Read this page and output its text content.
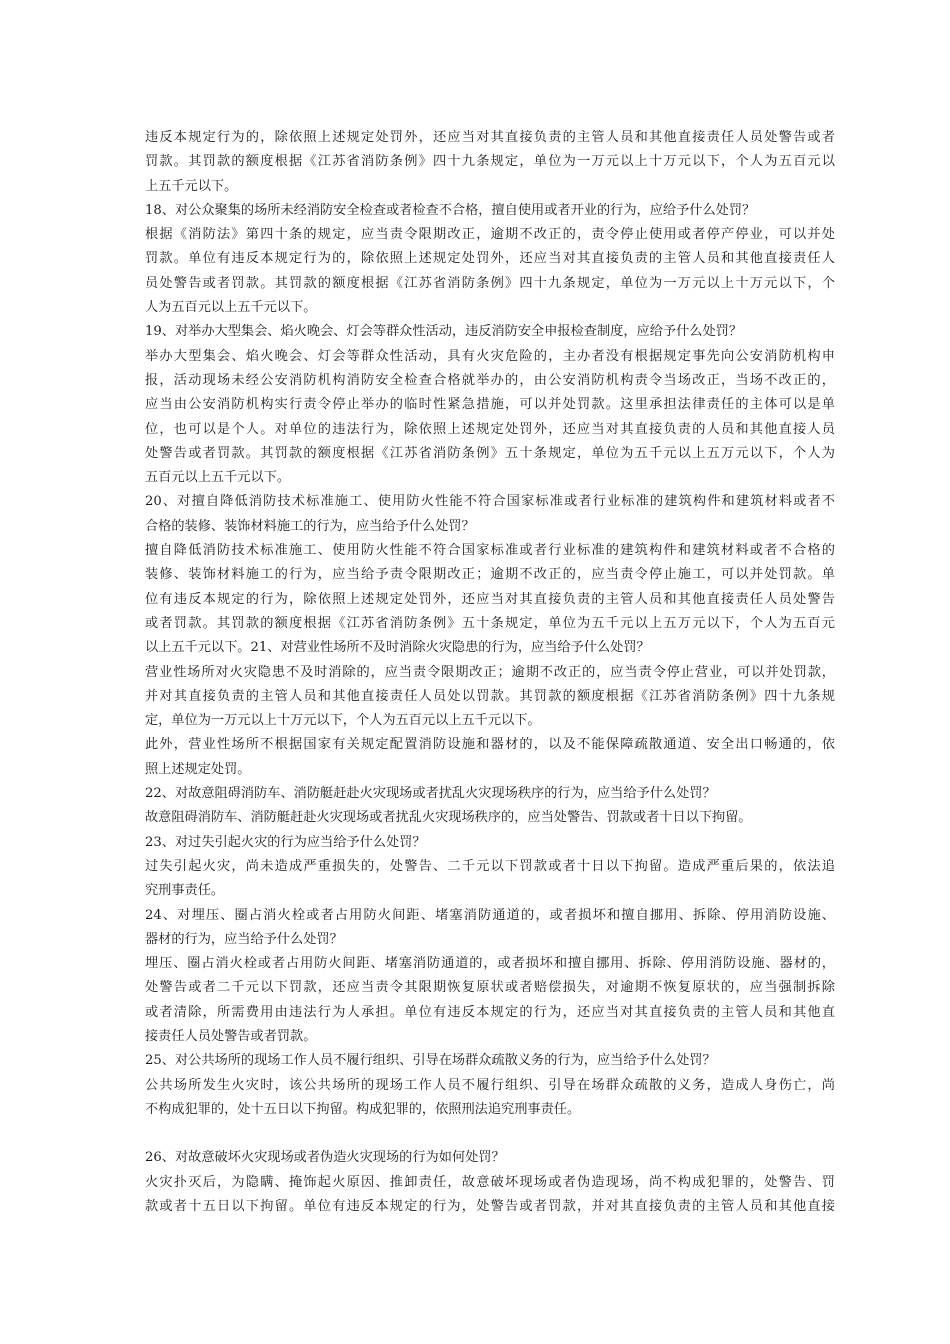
违反本规定行为的，除依照上述规定处罚外，还应当对其直接负责的主管人员和其他直接责任人员处警告或者
罚款。其罚款的额度根据《江苏省消防条例》四十九条规定，单位为一万元以上十万元以下，个人为五百元以
上五千元以下。
18、对公众聚集的场所未经消防安全检查或者检查不合格，擅自使用或者开业的行为，应给予什么处罚？
根据《消防法》第四十条的规定，应当责令限期改正，逾期不改正的，责令停止使用或者停产停业，可以并处
罚款。单位有违反本规定行为的，除依照上述规定处罚外，还应当对其直接负责的主管人员和其他直接责任人
员处警告或者罚款。其罚款的额度根据《江苏省消防条例》四十九条规定，单位为一万元以上十万元以下，个
人为五百元以上五千元以下。
19、对举办大型集会、焰火晚会、灯会等群众性活动，违反消防安全申报检查制度，应给予什么处罚？
举办大型集会、焰火晚会、灯会等群众性活动，具有火灾危险的，主办者没有根据规定事先向公安消防机构申
报，活动现场未经公安消防机构消防安全检查合格就举办的，由公安消防机构责令当场改正，当场不改正的，
应当由公安消防机构实行责令停止举办的临时性紧急措施，可以并处罚款。这里承担法律责任的主体可以是单
位，也可以是个人。对单位的违法行为，除依照上述规定处罚外，还应当对其直接负责的人员和其他直接人员
处警告或者罚款。其罚款的额度根据《江苏省消防条例》五十条规定，单位为五千元以上五万元以下，个人为
五百元以上五千元以下。
20、对擅自降低消防技术标准施工、使用防火性能不符合国家标准或者行业标准的建筑构件和建筑材料或者不
合格的装修、装饰材料施工的行为，应当给予什么处罚？
擅自降低消防技术标准施工、使用防火性能不符合国家标准或者行业标准的建筑构件和建筑材料或者不合格的
装修、装饰材料施工的行为，应当给予责令限期改正；逾期不改正的，应当责令停止施工，可以并处罚款。单
位有违反本规定的行为，除依照上述规定处罚外，还应当对其直接负责的主管人员和其他直接责任人员处警告
或者罚款。其罚款的额度根据《江苏省消防条例》五十条规定，单位为五千元以上五万元以下，个人为五百元
以上五千元以下。21、对营业性场所不及时消除火灾隐患的行为，应当给予什么处罚？
营业性场所对火灾隐患不及时消除的，应当责令限期改正；逾期不改正的，应当责令停止营业，可以并处罚款，
并对其直接负责的主管人员和其他直接责任人员处以罚款。其罚款的额度根据《江苏省消防条例》四十九条规
定，单位为一万元以上十万元以下，个人为五百元以上五千元以下。
此外，营业性场所不根据国家有关规定配置消防设施和器材的，以及不能保障疏散通道、安全出口畅通的，依
照上述规定处罚。
22、对故意阻碍消防车、消防艇赶赴火灾现场或者扰乱火灾现场秩序的行为，应当给予什么处罚？
故意阻碍消防车、消防艇赶赴火灾现场或者扰乱火灾现场秩序的，应当处警告、罚款或者十日以下拘留。
23、对过失引起火灾的行为应当给予什么处罚？
过失引起火灾，尚未造成严重损失的，处警告、二千元以下罚款或者十日以下拘留。造成严重后果的，依法追
究刑事责任。
24、对埋压、圈占消火栓或者占用防火间距、堵塞消防通道的，或者损坏和擅自挪用、拆除、停用消防设施、
器材的行为，应当给予什么处罚？
埋压、圈占消火栓或者占用防火间距、堵塞消防通道的，或者损坏和擅自挪用、拆除、停用消防设施、器材的，
处警告或者二千元以下罚款，还应当责令其限期恢复原状或者赔偿损失，对逾期不恢复原状的，应当强制拆除
或者清除，所需费用由违法行为人承担。单位有违反本规定的行为，还应当对其直接负责的主管人员和其他直
接责任人员处警告或者罚款。
25、对公共场所的现场工作人员不履行组织、引导在场群众疏散义务的行为，应当给予什么处罚？
公共场所发生火灾时，该公共场所的现场工作人员不履行组织、引导在场群众疏散的义务，造成人身伤亡，尚
不构成犯罪的，处十五日以下拘留。构成犯罪的，依照刑法追究刑事责任。
26、对故意破坏火灾现场或者伪造火灾现场的行为如何处罚？
火灾扑灭后，为隐瞒、掩饰起火原因、推卸责任，故意破坏现场或者伪造现场，尚不构成犯罪的，处警告、罚
款或者十五日以下拘留。单位有违反本规定的行为，处警告或者罚款，并对其直接负责的主管人员和其他直接
